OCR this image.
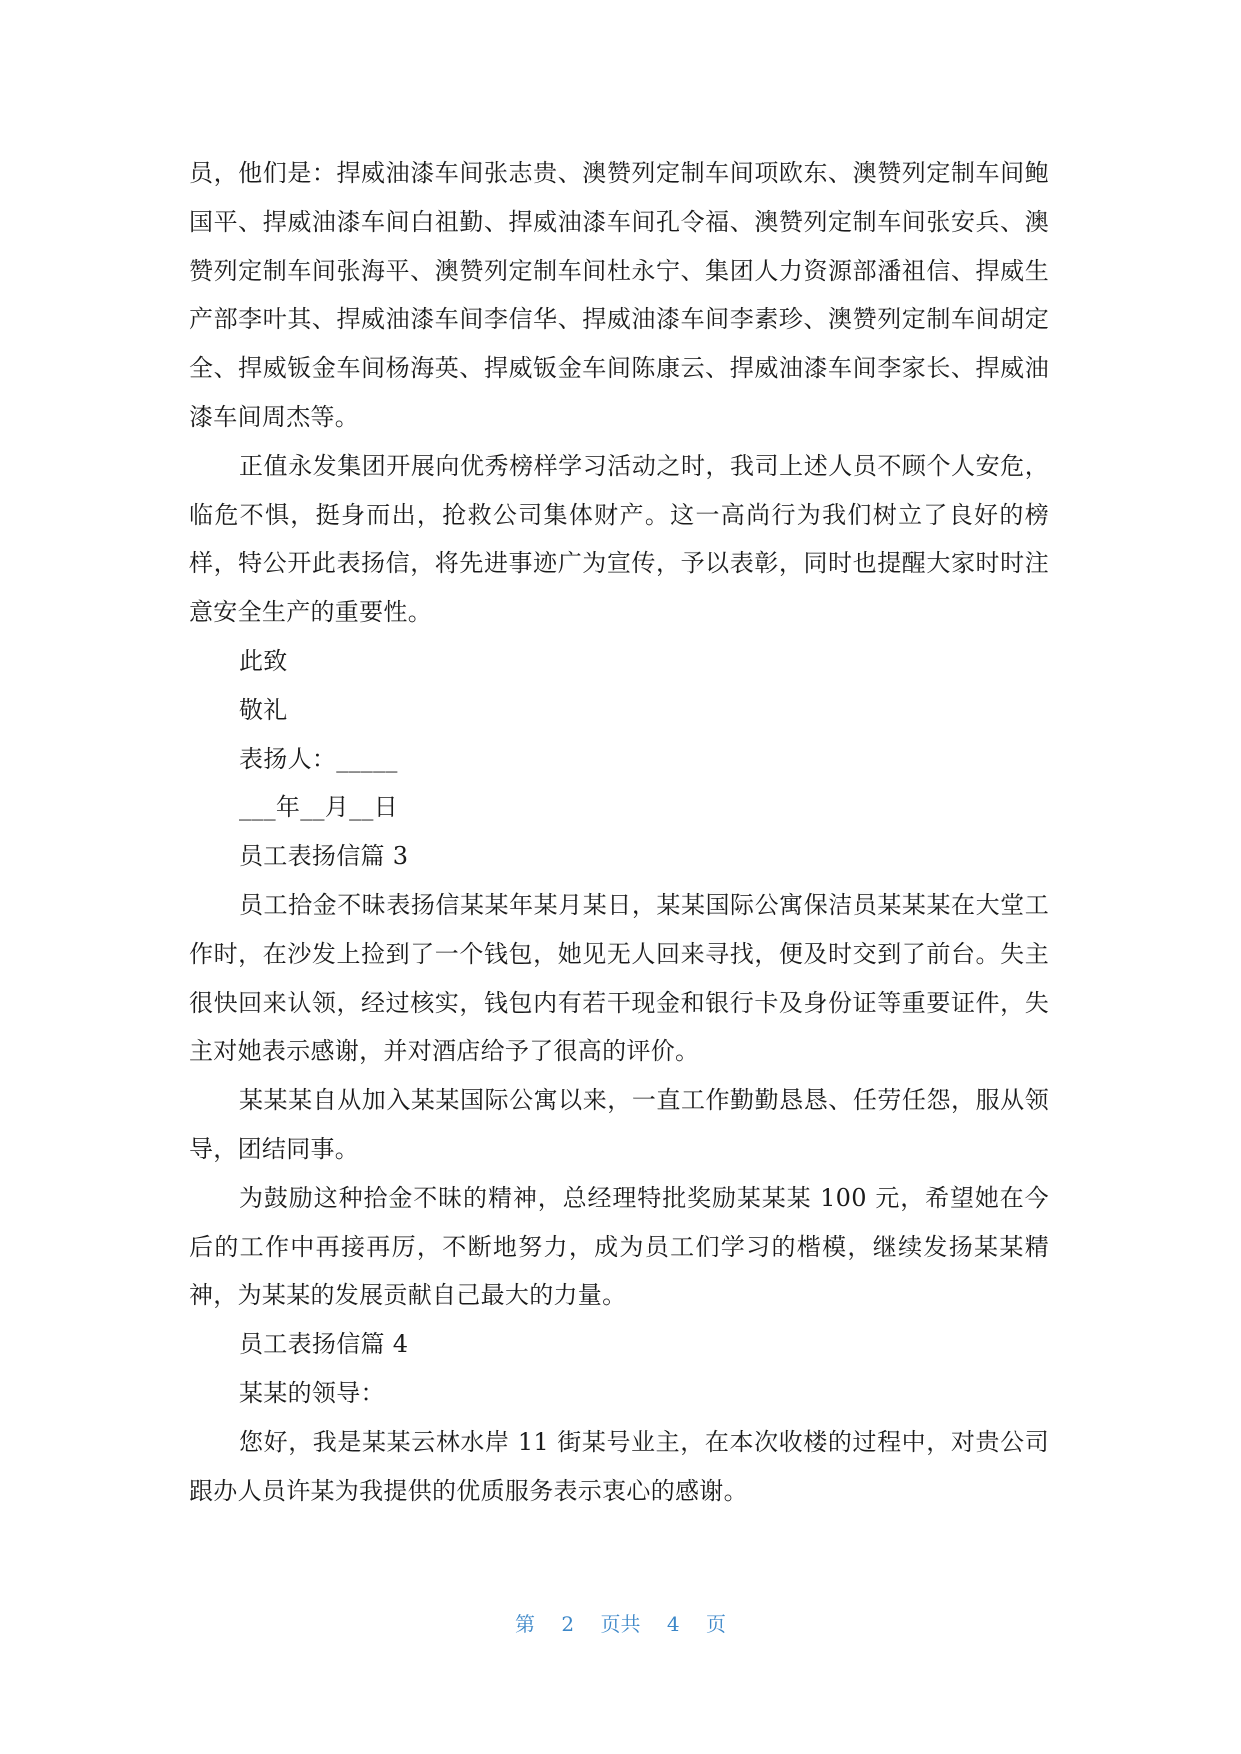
员，他们是：捍威油漆车间张志贵、澳赞列定制车间项欧东、澳赞列定制车间鲍国平、捍威油漆车间白祖勤、捍威油漆车间孔令福、澳赞列定制车间张安兵、澳赞列定制车间张海平、澳赞列定制车间杜永宁、集团人力资源部潘祖信、捍威生产部李叶其、捍威油漆车间李信华、捍威油漆车间李素珍、澳赞列定制车间胡定全、捍威钣金车间杨海英、捍威钣金车间陈康云、捍威油漆车间李家长、捍威油漆车间周杰等。

正值永发集团开展向优秀榜样学习活动之时，我司上述人员不顾个人安危，临危不惧，挺身而出，抢救公司集体财产。这一高尚行为我们树立了良好的榜样，特公开此表扬信，将先进事迹广为宣传，予以表彰，同时也提醒大家时时注意安全生产的重要性。

此致

敬礼

表扬人：_____

___年__月__日

员工表扬信篇 3

员工拾金不昧表扬信某某年某月某日，某某国际公寓保洁员某某某在大堂工作时，在沙发上捡到了一个钱包，她见无人回来寻找，便及时交到了前台。失主很快回来认领，经过核实，钱包内有若干现金和银行卡及身份证等重要证件，失主对她表示感谢，并对酒店给予了很高的评价。

某某某自从加入某某国际公寓以来，一直工作勤勤恳恳、任劳任怨，服从领导，团结同事。

为鼓励这种拾金不昧的精神，总经理特批奖励某某某 100 元，希望她在今后的工作中再接再厉，不断地努力，成为员工们学习的楷模，继续发扬某某精神，为某某的发展贡献自己最大的力量。

员工表扬信篇 4

某某的领导：

您好，我是某某云林水岸 11 街某号业主，在本次收楼的过程中，对贵公司跟办人员许某为我提供的优质服务表示衷心的感谢。

第 2 页共 4 页
